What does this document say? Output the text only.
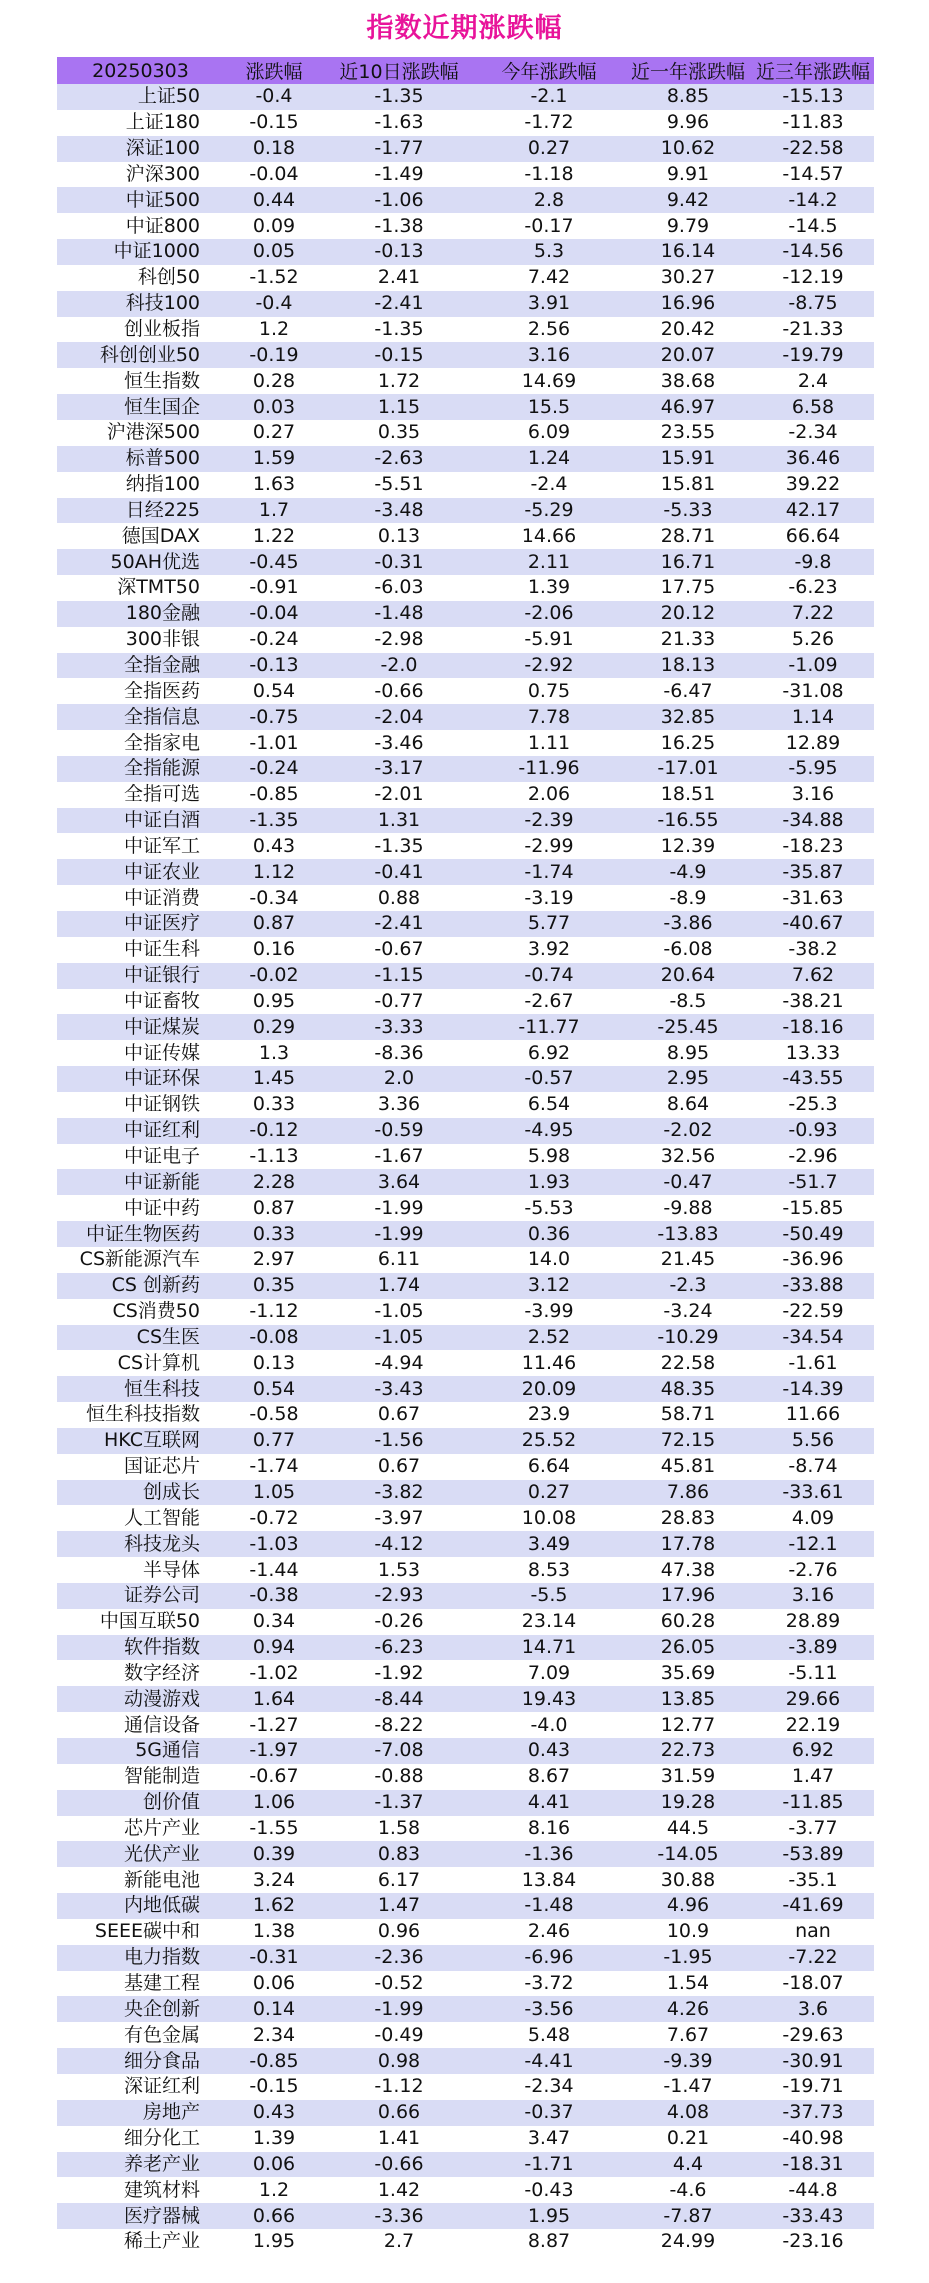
指数近期涨跌幅
20250303	涨跌幅	近10日涨跌幅	今年涨跌幅	近一年涨跌幅	近三年涨跌幅
上证50	-0.4	-1.35	-2.1	8.85	-15.13
上证180	-0.15	-1.63	-1.72	9.96	-11.83
深证100	0.18	-1.77	0.27	10.62	-22.58
沪深300	-0.04	-1.49	-1.18	9.91	-14.57
中证500	0.44	-1.06	2.8	9.42	-14.2
中证800	0.09	-1.38	-0.17	9.79	-14.5
中证1000	0.05	-0.13	5.3	16.14	-14.56
科创50	-1.52	2.41	7.42	30.27	-12.19
科技100	-0.4	-2.41	3.91	16.96	-8.75
创业板指	1.2	-1.35	2.56	20.42	-21.33
科创创业50	-0.19	-0.15	3.16	20.07	-19.79
恒生指数	0.28	1.72	14.69	38.68	2.4
恒生国企	0.03	1.15	15.5	46.97	6.58
沪港深500	0.27	0.35	6.09	23.55	-2.34
标普500	1.59	-2.63	1.24	15.91	36.46
纳指100	1.63	-5.51	-2.4	15.81	39.22
日经225	1.7	-3.48	-5.29	-5.33	42.17
德国DAX	1.22	0.13	14.66	28.71	66.64
50AH优选	-0.45	-0.31	2.11	16.71	-9.8
深TMT50	-0.91	-6.03	1.39	17.75	-6.23
180金融	-0.04	-1.48	-2.06	20.12	7.22
300非银	-0.24	-2.98	-5.91	21.33	5.26
全指金融	-0.13	-2.0	-2.92	18.13	-1.09
全指医药	0.54	-0.66	0.75	-6.47	-31.08
全指信息	-0.75	-2.04	7.78	32.85	1.14
全指家电	-1.01	-3.46	1.11	16.25	12.89
全指能源	-0.24	-3.17	-11.96	-17.01	-5.95
全指可选	-0.85	-2.01	2.06	18.51	3.16
中证白酒	-1.35	1.31	-2.39	-16.55	-34.88
中证军工	0.43	-1.35	-2.99	12.39	-18.23
中证农业	1.12	-0.41	-1.74	-4.9	-35.87
中证消费	-0.34	0.88	-3.19	-8.9	-31.63
中证医疗	0.87	-2.41	5.77	-3.86	-40.67
中证生科	0.16	-0.67	3.92	-6.08	-38.2
中证银行	-0.02	-1.15	-0.74	20.64	7.62
中证畜牧	0.95	-0.77	-2.67	-8.5	-38.21
中证煤炭	0.29	-3.33	-11.77	-25.45	-18.16
中证传媒	1.3	-8.36	6.92	8.95	13.33
中证环保	1.45	2.0	-0.57	2.95	-43.55
中证钢铁	0.33	3.36	6.54	8.64	-25.3
中证红利	-0.12	-0.59	-4.95	-2.02	-0.93
中证电子	-1.13	-1.67	5.98	32.56	-2.96
中证新能	2.28	3.64	1.93	-0.47	-51.7
中证中药	0.87	-1.99	-5.53	-9.88	-15.85
中证生物医药	0.33	-1.99	0.36	-13.83	-50.49
CS新能源汽车	2.97	6.11	14.0	21.45	-36.96
CS 创新药	0.35	1.74	3.12	-2.3	-33.88
CS消费50	-1.12	-1.05	-3.99	-3.24	-22.59
CS生医	-0.08	-1.05	2.52	-10.29	-34.54
CS计算机	0.13	-4.94	11.46	22.58	-1.61
恒生科技	0.54	-3.43	20.09	48.35	-14.39
恒生科技指数	-0.58	0.67	23.9	58.71	11.66
HKC互联网	0.77	-1.56	25.52	72.15	5.56
国证芯片	-1.74	0.67	6.64	45.81	-8.74
创成长	1.05	-3.82	0.27	7.86	-33.61
人工智能	-0.72	-3.97	10.08	28.83	4.09
科技龙头	-1.03	-4.12	3.49	17.78	-12.1
半导体	-1.44	1.53	8.53	47.38	-2.76
证券公司	-0.38	-2.93	-5.5	17.96	3.16
中国互联50	0.34	-0.26	23.14	60.28	28.89
软件指数	0.94	-6.23	14.71	26.05	-3.89
数字经济	-1.02	-1.92	7.09	35.69	-5.11
动漫游戏	1.64	-8.44	19.43	13.85	29.66
通信设备	-1.27	-8.22	-4.0	12.77	22.19
5G通信	-1.97	-7.08	0.43	22.73	6.92
智能制造	-0.67	-0.88	8.67	31.59	1.47
创价值	1.06	-1.37	4.41	19.28	-11.85
芯片产业	-1.55	1.58	8.16	44.5	-3.77
光伏产业	0.39	0.83	-1.36	-14.05	-53.89
新能电池	3.24	6.17	13.84	30.88	-35.1
内地低碳	1.62	1.47	-1.48	4.96	-41.69
SEEE碳中和	1.38	0.96	2.46	10.9	nan
电力指数	-0.31	-2.36	-6.96	-1.95	-7.22
基建工程	0.06	-0.52	-3.72	1.54	-18.07
央企创新	0.14	-1.99	-3.56	4.26	3.6
有色金属	2.34	-0.49	5.48	7.67	-29.63
细分食品	-0.85	0.98	-4.41	-9.39	-30.91
深证红利	-0.15	-1.12	-2.34	-1.47	-19.71
房地产	0.43	0.66	-0.37	4.08	-37.73
细分化工	1.39	1.41	3.47	0.21	-40.98
养老产业	0.06	-0.66	-1.71	4.4	-18.31
建筑材料	1.2	1.42	-0.43	-4.6	-44.8
医疗器械	0.66	-3.36	1.95	-7.87	-33.43
稀土产业	1.95	2.7	8.87	24.99	-23.16
